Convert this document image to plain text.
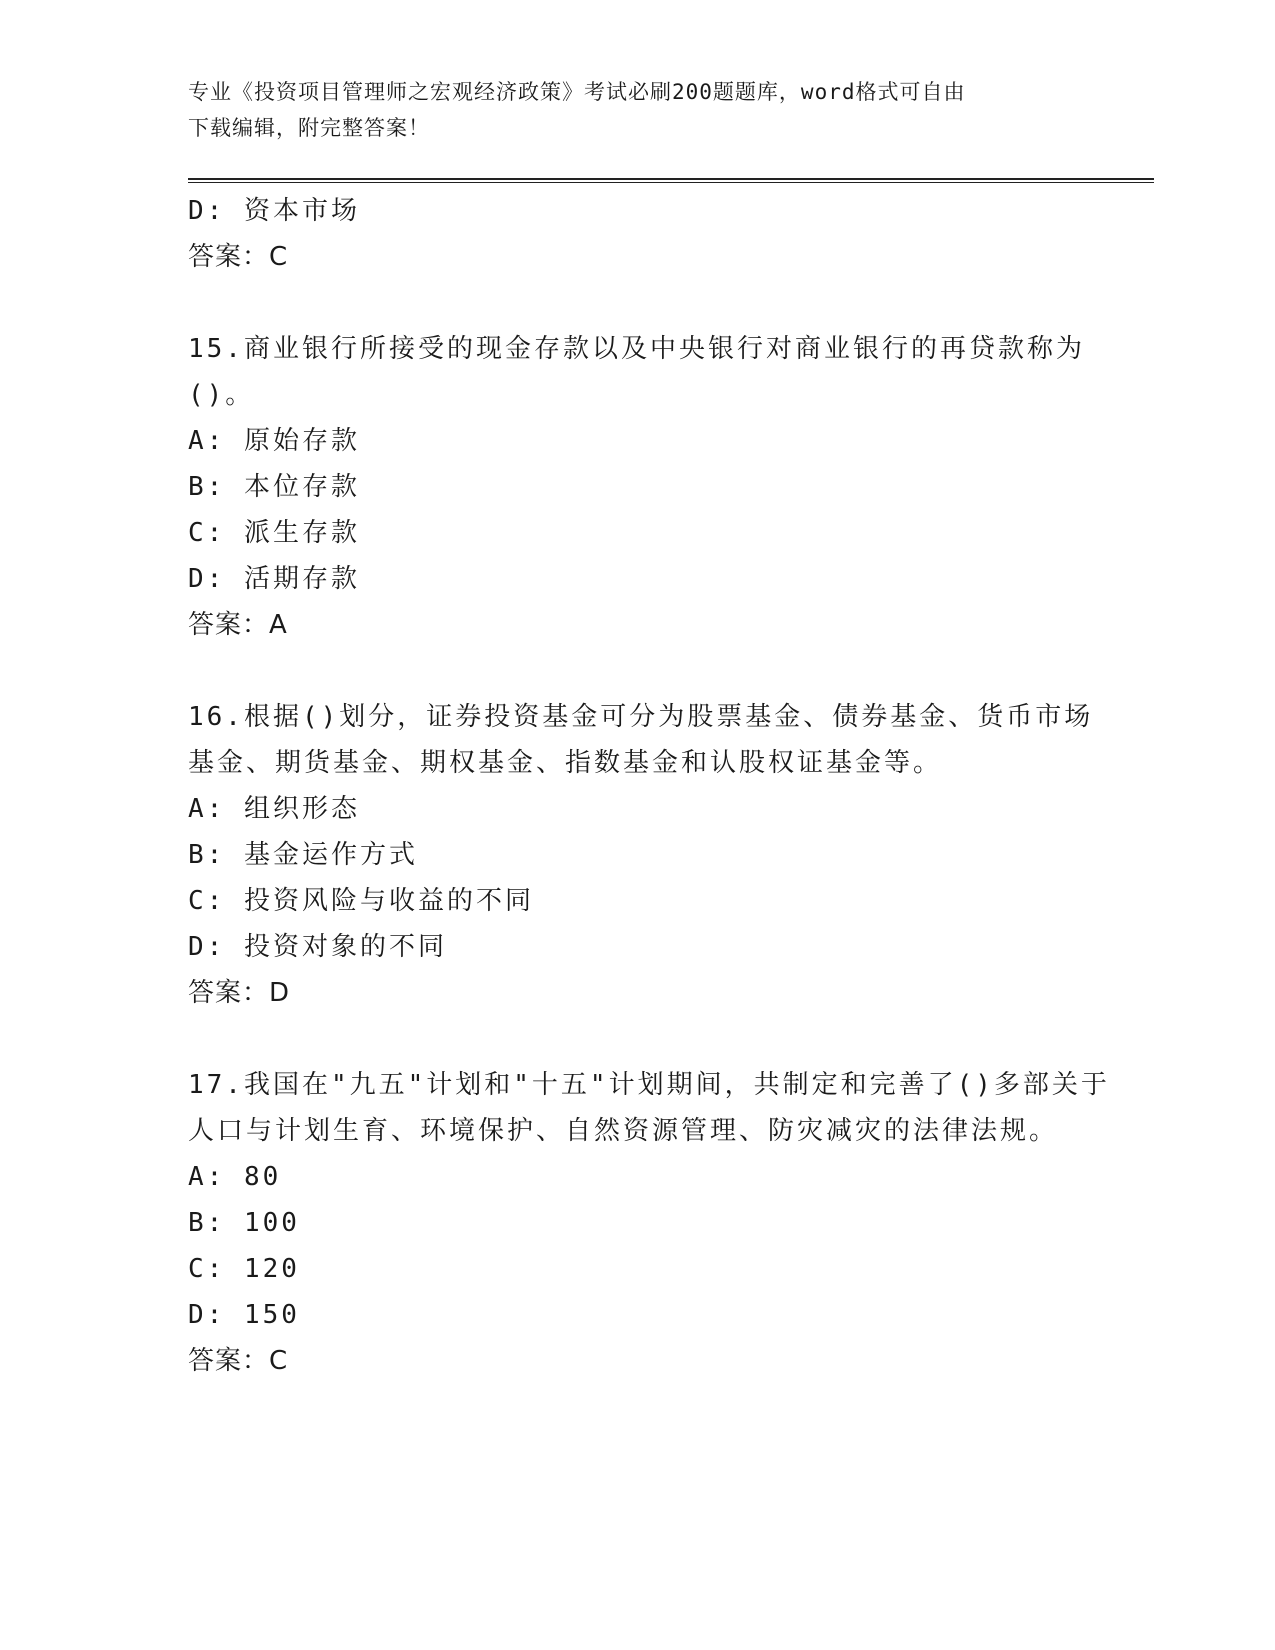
专业《投资项目管理师之宏观经济政策》考试必刷200题题库，word格式可自由
下载编辑，附完整答案！
D: 资本市场
答案：C
15.商业银行所接受的现金存款以及中央银行对商业银行的再贷款称为
()。
A: 原始存款
B: 本位存款
C: 派生存款
D: 活期存款
答案：A
16.根据()划分，证券投资基金可分为股票基金、债券基金、货币市场
基金、期货基金、期权基金、指数基金和认股权证基金等。
A: 组织形态
B: 基金运作方式
C: 投资风险与收益的不同
D: 投资对象的不同
答案：D
17.我国在"九五"计划和"十五"计划期间，共制定和完善了()多部关于
人口与计划生育、环境保护、自然资源管理、防灾减灾的法律法规。
A: 80
B: 100
C: 120
D: 150
答案：C
